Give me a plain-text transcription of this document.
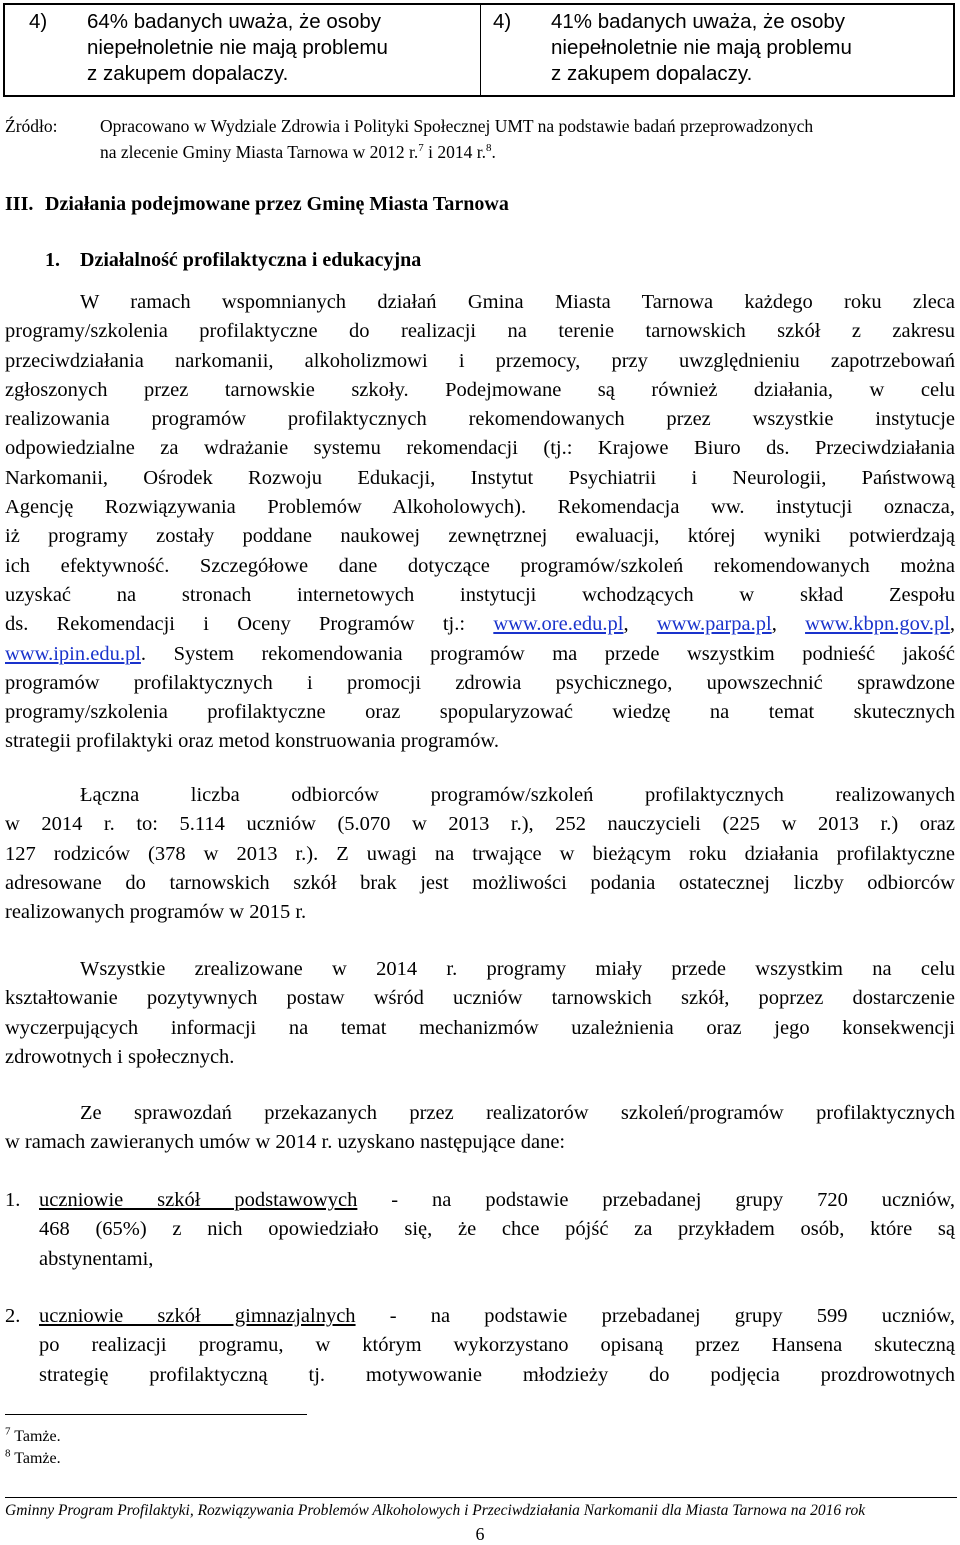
4) 64% badanych uważa, że osoby
niepełnoletnie nie mają problemu
z zakupem dopalaczy.
4) 41% badanych uważa, że osoby
niepełnoletnie nie mają problemu
z zakupem dopalaczy.
Źródło: Opracowano w Wydziale Zdrowia i Polityki Społecznej UMT na podstawie badań przeprowadzonych
na zlecenie Gminy Miasta Tarnowa w 2012 r.$^7$ i 2014 r.$^8$.
III. Działania podejmowane przez Gminę Miasta Tarnowa
1. Działalność profilaktyczna i edukacyjna
W ramach wspomnianych działań Gmina Miasta Tarnowa każdego roku zleca
programy/szkolenia profilaktyczne do realizacji na terenie tarnowskich szkół z zakresu
przeciwdziałania narkomanii, alkoholizmowi i przemocy, przy uwzględnieniu zapotrzebowań
zgłoszonych przez tarnowskie szkoły. Podejmowane są również działania, w celu
realizowania programów profilaktycznych rekomendowanych przez wszystkie instytucje
odpowiedzialne za wdrażanie systemu rekomendacji (tj.: Krajowe Biuro ds. Przeciwdziałania
Narkomanii, Ośrodek Rozwoju Edukacji, Instytut Psychiatrii i Neurologii, Państwową
Agencję Rozwiązywania Problemów Alkoholowych). Rekomendacja ww. instytucji oznacza,
iż programy zostały poddane naukowej zewnętrznej ewaluacji, której wyniki potwierdzają
ich efektywność. Szczegółowe dane dotyczące programów/szkoleń rekomendowanych można
uzyskać na stronach internetowych instytucji wchodzących w skład Zespołu
ds. Rekomendacji i Oceny Programów tj.: www.ore.edu.pl, www.parpa.pl, www.kbpn.gov.pl,
www.ipin.edu.pl. System rekomendowania programów ma przede wszystkim podnieść jakość
programów profilaktycznych i promocji zdrowia psychicznego, upowszechnić sprawdzone
programy/szkolenia profilaktyczne oraz spopularyzować wiedzę na temat skutecznych
strategii profilaktyki oraz metod konstruowania programów.
Łączna liczba odbiorców programów/szkoleń profilaktycznych realizowanych
w 2014 r. to: 5.114 uczniów (5.070 w 2013 r.), 252 nauczycieli (225 w 2013 r.) oraz
127 rodziców (378 w 2013 r.). Z uwagi na trwające w bieżącym roku działania profilaktyczne
adresowane do tarnowskich szkół brak jest możliwości podania ostatecznej liczby odbiorców
realizowanych programów w 2015 r.
Wszystkie zrealizowane w 2014 r. programy miały przede wszystkim na celu
kształtowanie pozytywnych postaw wśród uczniów tarnowskich szkół, poprzez dostarczenie
wyczerpujących informacji na temat mechanizmów uzależnienia oraz jego konsekwencji
zdrowotnych i społecznych.
Ze sprawozdań przekazanych przez realizatorów szkoleń/programów profilaktycznych
w ramach zawieranych umów w 2014 r. uzyskano następujące dane:
1. uczniowie szkół podstawowych - na podstawie przebadanej grupy 720 uczniów,
468 (65%) z nich opowiedziało się, że chce pójść za przykładem osób, które są
abstynentami,
2. uczniowie szkół gimnazjalnych - na podstawie przebadanej grupy 599 uczniów,
po realizacji programu, w którym wykorzystano opisaną przez Hansena skuteczną
strategię profilaktyczną tj. motywowanie młodzieży do podjęcia prozdrowotnych
$^7$ Tamże.
$^8$ Tamże.
Gminny Program Profilaktyki, Rozwiązywania Problemów Alkoholowych i Przeciwdziałania Narkomanii dla Miasta Tarnowa na 2016 rok
6
